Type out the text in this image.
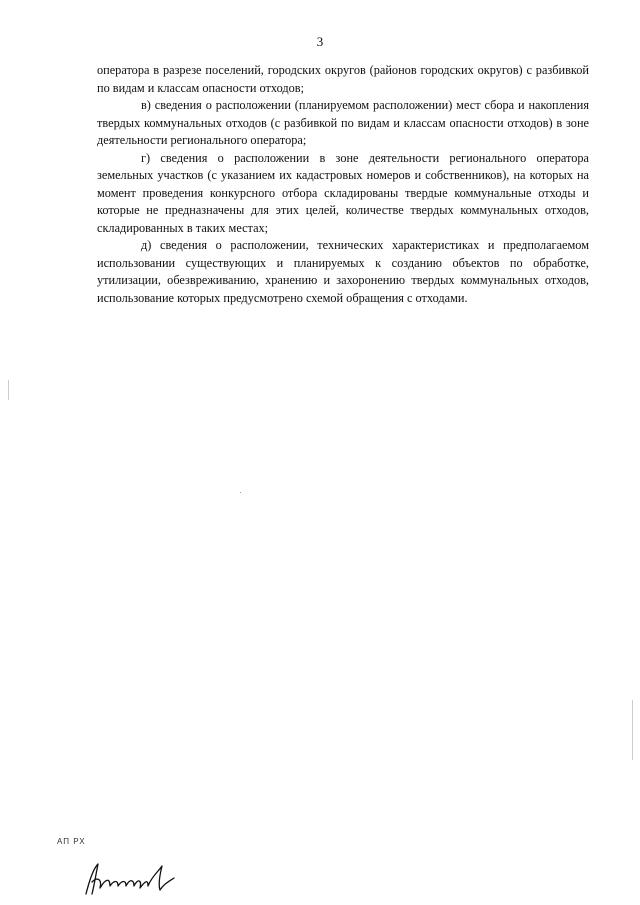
3

оператора в разрезе поселений, городских округов (районов городских округов) с разбивкой по видам и классам опасности отходов;

в) сведения о расположении (планируемом расположении) мест сбора и накопления твердых коммунальных отходов (с разбивкой по видам и классам опасности отходов) в зоне деятельности регионального оператора;

г) сведения о расположении в зоне деятельности регионального оператора земельных участков (с указанием их кадастровых номеров и собственников), на которых на момент проведения конкурсного отбора складированы твердые коммунальные отходы и которые не предназначены для этих целей, количестве твердых коммунальных отходов, складированных в таких местах;

д) сведения о расположении, технических характеристиках и предполагаемом использовании существующих и планируемых к созданию объектов по обработке, утилизации, обезвреживанию, хранению и захоронению твердых коммунальных отходов, использование которых предусмотрено схемой обращения с отходами.

АП РХ
